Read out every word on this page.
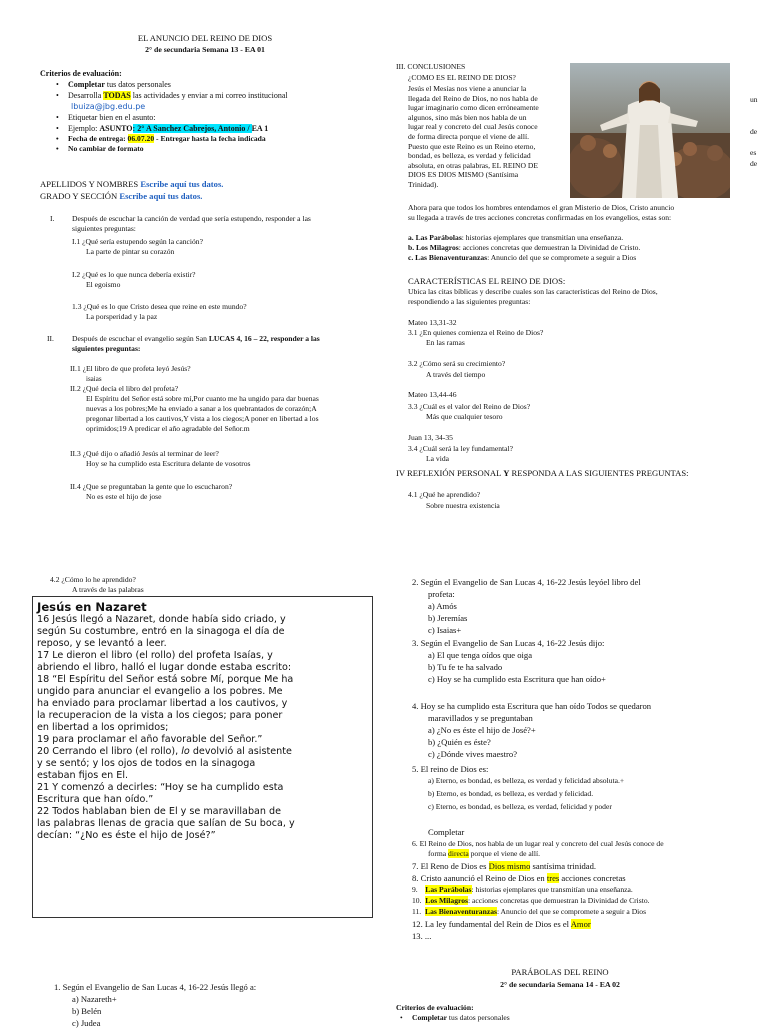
EL ANUNCIO DEL REINO DE DIOS
2° de secundaria Semana 13 - EA 01
Criterios de evaluación:
• Completar tus datos personales
• Desarrolla TODAS las actividades y enviar a mi correo institucional
lbuiza@jbg.edu.pe
• Etiquetar bien en el asunto:
• Ejemplo: ASUNTO: 2° A Sanchez Cabrejos, Antonio / EA 1
• Fecha de entrega: 06.07.20 - Entregar hasta la fecha indicada
• No cambiar de formato
APELLIDOS Y NOMBRES Escribe aquí tus datos.
GRADO Y SECCIÓN Escribe aquí tus datos.
I. Después de escuchar la canción de verdad que sería estupendo, responder a las
siguientes preguntas:
I.1 ¿Qué sería estupendo según la canción?
La parte de pintar su corazón
I.2 ¿Qué es lo que nunca debería existir?
El egoismo
1.3 ¿Qué es lo que Cristo desea que reine en este mundo?
La porsperidad y la paz
II. Después de escuchar el evangelio según San LUCAS 4, 16 – 22, responder a las
siguientes preguntas:
II.1 ¿El libro de que profeta leyó Jesús?
isaias
II.2 ¿Qué decía el libro del profeta?
El Espíritu del Señor está sobre mí,Por cuanto me ha ungido para dar buenas
nuevas a los pobres;Me ha enviado a sanar a los quebrantados de corazón;A
pregonar libertad a los cautivos,Y vista a los ciegos;A poner en libertad a los
oprimidos;19 A predicar el año agradable del Señor.m
II.3 ¿Qué dijo o añadió Jesús al terminar de leer?
Hoy se ha cumplido esta Escritura delante de vosotros
II.4 ¿Que se preguntaban la gente que lo escucharon?
No es este el hijo de jose
III. CONCLUSIONES
¿COMO ES EL REINO DE DIOS?
Jesús el Mesías nos viene a anunciar la
llegada del Reino de Dios, no nos habla de
lugar imaginario como dicen erróneamente
algunos, sino más bien nos habla de un
lugar real y concreto del cual Jesús conoce
de forma directa porque el viene de allí.
Puesto que este Reino es un Reino eterno,
bondad, es belleza, es verdad y felicidad
absoluta, en otras palabras, EL REINO DE
DIOS ES DIOS MISMO (Santísima
Trinidad).
un
de
es
de
Ahora para que todos los hombres entendamos el gran Misterio de Dios, Cristo anuncio
su llegada a través de tres acciones concretas confirmadas en los evangelios, estas son:
a. Las Parábolas: historias ejemplares que transmitían una enseñanza.
b. Los Milagros: acciones concretas que demuestran la Divinidad de Cristo.
c. Las Bienaventuranzas: Anuncio del que se compromete a seguir a Dios
CARACTERÍSTICAS EL REINO DE DIOS:
Ubica las citas bíblicas y describe cuales son las características del Reino de Dios,
respondiendo a las siguientes preguntas:
Mateo 13,31-32
3.1 ¿En quienes comienza el Reino de Dios?
En las ramas
3.2 ¿Cómo será su crecimiento?
A través del tiempo
Mateo 13,44-46
3.3 ¿Cuál es el valor del Reino de Dios?
Más que cualquier tesoro
Juan 13, 34-35
3.4 ¿Cuál será la ley fundamental?
La vida
IV REFLEXIÓN PERSONAL Y RESPONDA A LAS SIGUIENTES PREGUNTAS:
4.1 ¿Qué he aprendido?
Sobre nuestra existencia
4.2 ¿Cómo lo he aprendido?
A través de las palabras
Jesús en Nazaret
16 Jesús llegó a Nazaret, donde había sido criado, y
según Su costumbre, entró en la sinagoga el día de
reposo, y se levantó a leer.
17 Le dieron el libro (el rollo) del profeta Isaías, y
abriendo el libro, halló el lugar donde estaba escrito:
18 “El Espíritu del Señor está sobre Mí, porque Me ha
ungido para anunciar el evangelio a los pobres. Me
ha enviado para proclamar libertad a los cautivos, y
la recuperacion de la vista a los ciegos; para poner
en libertad a los oprimidos;
19 para proclamar el año favorable del Señor.”
20 Cerrando el libro (el rollo), lo devolvió al asistente
y se sentó; y los ojos de todos en la sinagoga
estaban fijos en El.
21 Y comenzó a decirles: “Hoy se ha cumplido esta
Escritura que han oído.”
22 Todos hablaban bien de El y se maravillaban de
las palabras llenas de gracia que salían de Su boca, y
decían: “¿No es éste el hijo de José?”
1. Según el Evangelio de San Lucas 4, 16-22 Jesús llegó a:
a) Nazareth+
b) Belén
c) Judea
2. Según el Evangelio de San Lucas 4, 16-22 Jesús leyóel libro del
profeta:
a) Amós
b) Jeremías
c) Isaias+
3. Según el Evangelio de San Lucas 4, 16-22 Jesús dijo:
a) El que tenga oídos que oiga
b) Tu fe te ha salvado
c) Hoy se ha cumplido esta Escritura que han oído+
4. Hoy se ha cumplido esta Escritura que han oído Todos se quedaron
maravillados y se preguntaban
a) ¿No es éste el hijo de José?+
b) ¿Quién es éste?
c) ¿Dónde vives maestro?
5. El reino de Dios es:
a) Eterno, es bondad, es belleza, es verdad y felicidad absoluta.+
b) Eterno, es bondad, es belleza, es verdad y felicidad.
c) Eterno, es bondad, es belleza, es verdad, felicidad y poder
Completar
6. El Reino de Dios, nos habla de un lugar real y concreto del cual Jesús conoce de
forma directa porque el viene de allí.
7. El Reno de Dios es Dios mismo santísima trinidad.
8. Cristo aanunció el Reino de Dios en tres acciones concretas
9.    Las Parábolas: historias ejemplares que transmitían una enseñanza.
10.  Los Milagros: acciones concretas que demuestran la Divinidad de Cristo.
11.  Las Bienaventuranzas: Anuncio del que se compromete a seguir a Dios
12. La ley fundamental del Rein de Dios es el Amor
13. ...
PARÁBOLAS DEL REINO
2° de secundaria Semana 14 - EA 02
Criterios de evaluación:
• Completar tus datos personales
